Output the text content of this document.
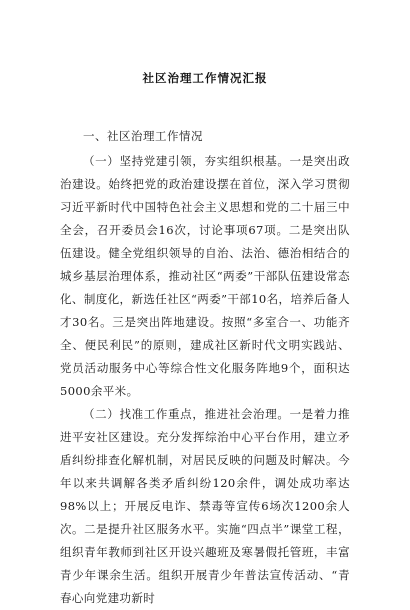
社区治理工作情况汇报

一、社区治理工作情况

（一）坚持党建引领，夯实组织根基。一是突出政治建设。始终把党的政治建设摆在首位，深入学习贯彻习近平新时代中国特色社会主义思想和党的二十届三中全会，召开委员会16次，讨论事项67项。二是突出队伍建设。健全党组织领导的自治、法治、德治相结合的城乡基层治理体系，推动社区“两委”干部队伍建设常态化、制度化，新选任社区“两委”干部10名，培养后备人才30名。三是突出阵地建设。按照“多室合一、功能齐全、便民利民”的原则，建成社区新时代文明实践站、党员活动服务中心等综合性文化服务阵地9个，面积达5000余平米。

（二）找准工作重点，推进社会治理。一是着力推进平安社区建设。充分发挥综治中心平台作用，建立矛盾纠纷排查化解机制，对居民反映的问题及时解决。今年以来共调解各类矛盾纠纷120余件，调处成功率达98%以上；开展反电诈、禁毒等宣传6场次1200余人次。二是提升社区服务水平。实施“四点半”课堂工程，组织青年教师到社区开设兴趣班及寒暑假托管班，丰富青少年课余生活。组织开展青少年普法宣传活动、“青春心向党建功新时
